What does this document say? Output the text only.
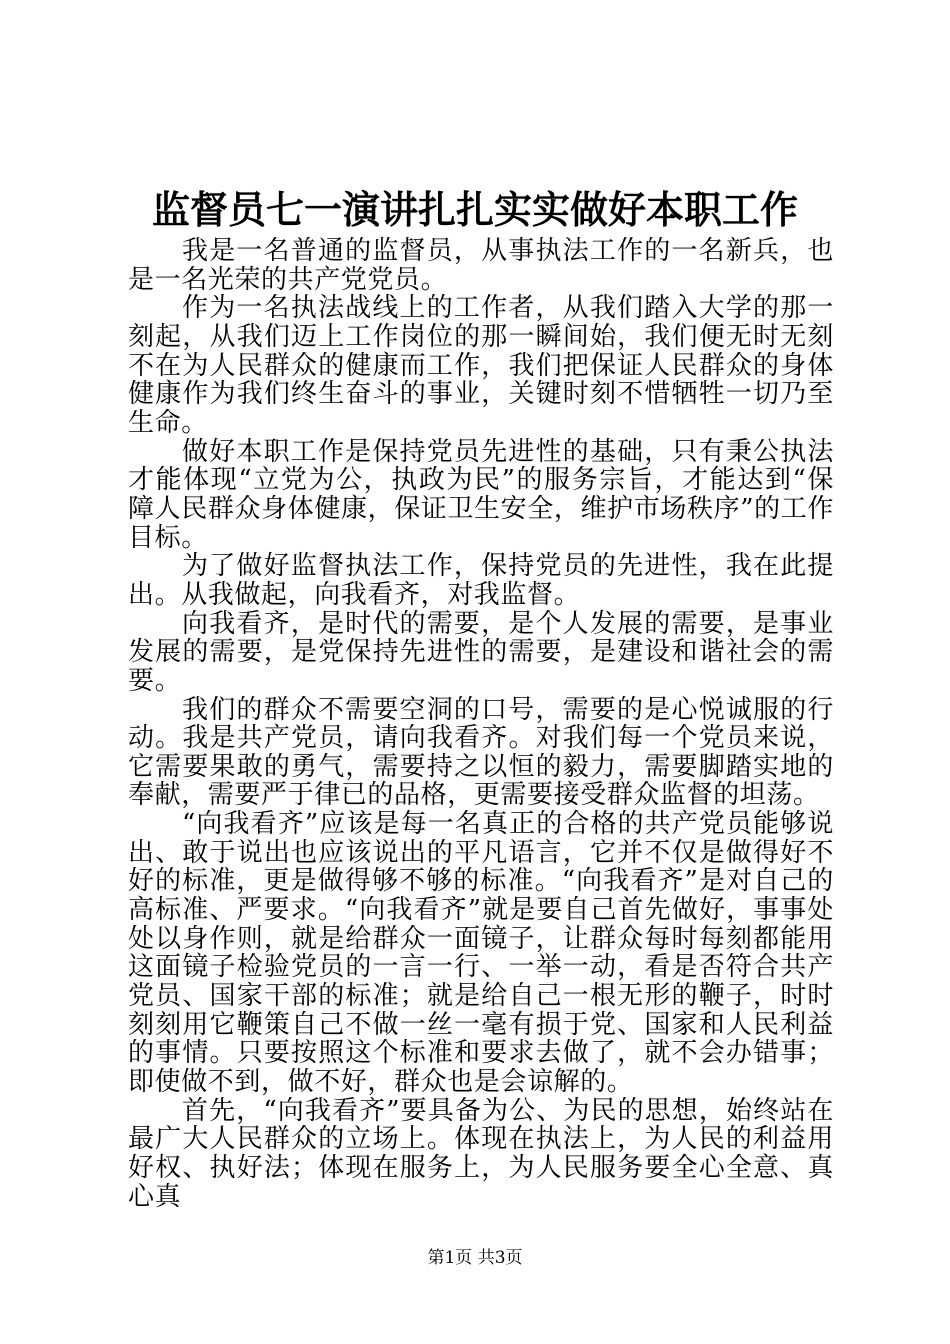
监督员七一演讲扎扎实实做好本职工作

我是一名普通的监督员，从事执法工作的一名新兵，也是一名光荣的共产党党员。

作为一名执法战线上的工作者，从我们踏入大学的那一刻起，从我们迈上工作岗位的那一瞬间始，我们便无时无刻不在为人民群众的健康而工作，我们把保证人民群众的身体健康作为我们终生奋斗的事业，关键时刻不惜牺牲一切乃至生命。

做好本职工作是保持党员先进性的基础，只有秉公执法才能体现“立党为公，执政为民”的服务宗旨，才能达到“保障人民群众身体健康，保证卫生安全，维护市场秩序”的工作目标。

为了做好监督执法工作，保持党员的先进性，我在此提出。从我做起，向我看齐，对我监督。

向我看齐，是时代的需要，是个人发展的需要，是事业发展的需要，是党保持先进性的需要，是建设和谐社会的需要。

我们的群众不需要空洞的口号，需要的是心悦诚服的行动。我是共产党员，请向我看齐。对我们每一个党员来说，它需要果敢的勇气，需要持之以恒的毅力，需要脚踏实地的奉献，需要严于律已的品格，更需要接受群众监督的坦荡。

“向我看齐”应该是每一名真正的合格的共产党员能够说出、敢于说出也应该说出的平凡语言，它并不仅是做得好不好的标准，更是做得够不够的标准。“向我看齐”是对自己的高标准、严要求。“向我看齐”就是要自己首先做好，事事处处以身作则，就是给群众一面镜子，让群众每时每刻都能用这面镜子检验党员的一言一行、一举一动，看是否符合共产党员、国家干部的标准；就是给自己一根无形的鞭子，时时刻刻用它鞭策自己不做一丝一毫有损于党、国家和人民利益的事情。只要按照这个标准和要求去做了，就不会办错事；即使做不到，做不好，群众也是会谅解的。

首先，“向我看齐”要具备为公、为民的思想，始终站在最广大人民群众的立场上。体现在执法上，为人民的利益用好权、执好法；体现在服务上，为人民服务要全心全意、真心真

第1页 共3页
